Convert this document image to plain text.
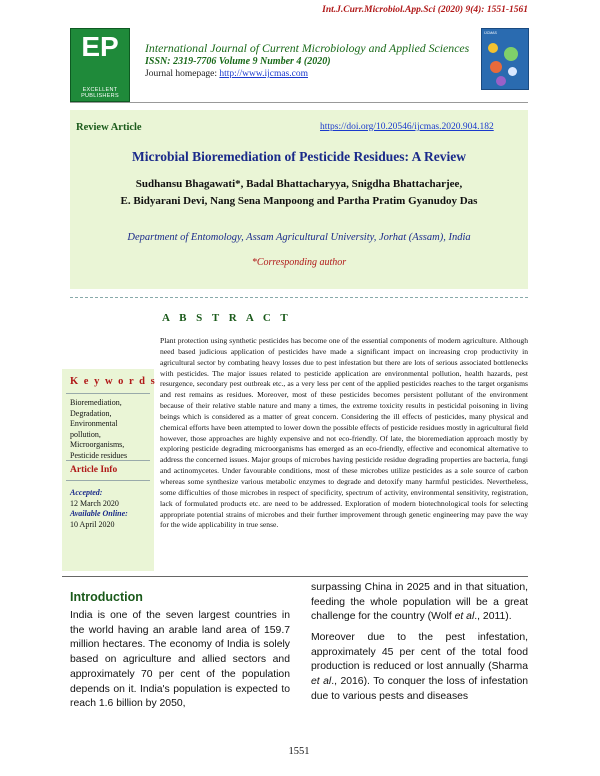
Int.J.Curr.Microbiol.App.Sci (2020) 9(4): 1551-1561
EP
EXCELLENT
PUBLISHERS
International Journal of Current Microbiology and Applied Sciences
ISSN: 2319-7706 Volume 9 Number 4 (2020)
Journal homepage: http://www.ijcmas.com
IJCMAS
Review Article	https://doi.org/10.20546/ijcmas.2020.904.182
Microbial Bioremediation of Pesticide Residues: A Review
Sudhansu Bhagawati*, Badal Bhattacharyya, Snigdha Bhattacharjee,
E. Bidyarani Devi, Nang Sena Manpoong and Partha Pratim Gyanudoy Das
Department of Entomology, Assam Agricultural University, Jorhat (Assam), India
*Corresponding author
A B S T R A C T
Plant protection using synthetic pesticides has become one of the essential components of modern agriculture. Although need based judicious application of pesticides have made a significant impact on increasing crop productivity in agricultural sector by combating heavy losses due to pest infestation but there are lots of serious associated bottlenecks with pesticides. The major issues related to pesticide application are environmental pollution, health hazards, pest resurgence, secondary pest outbreak etc., as a very less per cent of the applied pesticides reaches to the target organisms and rest remains as residues. Moreover, most of these pesticides becomes persistent pollutant of the environment because of their relative stable nature and many a times, the extreme toxicity results in pesticidal poisoning in living beings which is considered as a matter of great concern. Considering the ill effects of pesticides, many physical and chemical efforts have been attempted to lower down the possible effects of pesticide residues mostly in agricultural field however, those approaches are highly expensive and not eco-friendly. Of late, the bioremediation approach mostly by exploring pesticide degrading microorganisms has emerged as an eco-friendly, effective and economical alternative to address the concerned issues. Major groups of microbes having pesticide residue degrading properties are bacteria, fungi and actinomycetes. Under favourable conditions, most of these microbes utilize pesticides as a sole source of carbon whereas some synthesize various metabolic enzymes to degrade and detoxify many harmful pesticides. Nevertheless, some difficulties of those microbes in respect of specificity, spectrum of activity, environmental sensitivity, registration, lack of formulated products etc. are need to be addressed. Exploration of modern biotechnological tools for selecting appropriate potential strains of microbes and their further improvement through genetic engineering may pave the way for the wide applicability in true sense.
K e y w o r d s
Bioremediation,
Degradation,
Environmental
pollution,
Microorganisms,
Pesticide residues
Article Info
Accepted:
12 March 2020
Available Online:
10 April 2020
Introduction
India is one of the seven largest countries in the world having an arable land area of 159.7 million hectares. The economy of India is solely based on agriculture and allied sectors and approximately 70 per cent of the population depends on it. India's population is expected to reach 1.6 billion by 2050,
surpassing China in 2025 and in that situation, feeding the whole population will be a great challenge for the country (Wolf et al., 2011).
Moreover due to the pest infestation, approximately 45 per cent of the total food production is reduced or lost annually (Sharma et al., 2016). To conquer the loss of infestation due to various pests and diseases
1551
